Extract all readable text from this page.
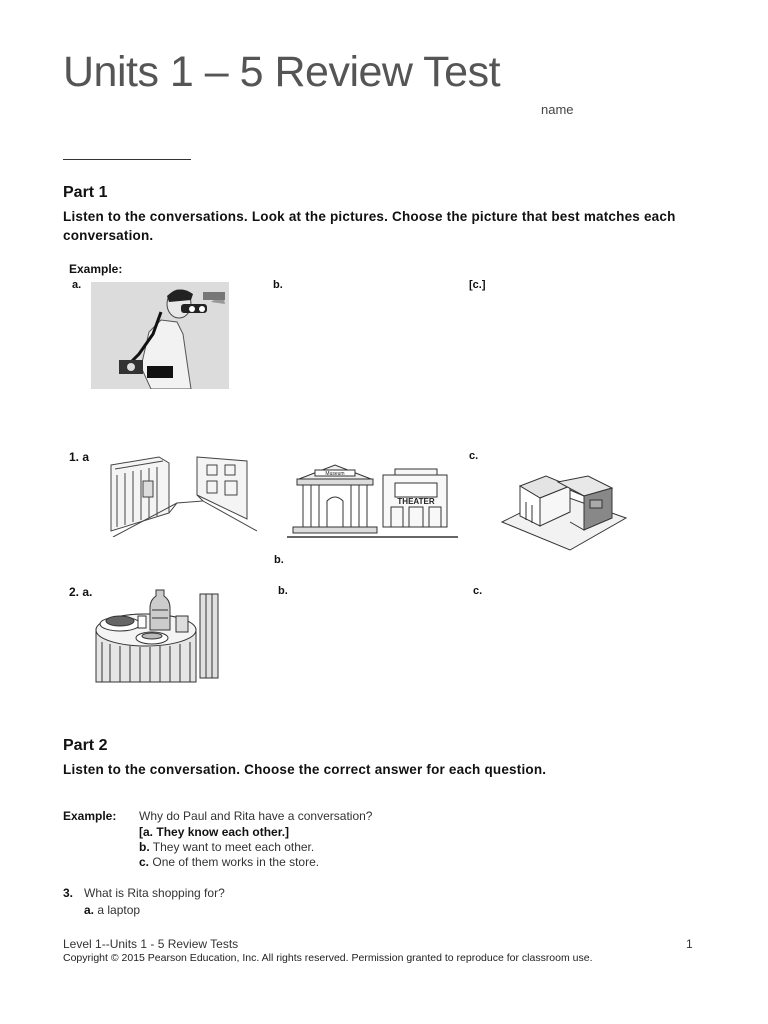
Units 1 – 5 Review Test
name
Part 1
Listen to the conversations. Look at the pictures. Choose the picture that best matches each conversation.
Example:
a.	b.	[c.]
1. a	c.
b.
Museum
THEATER
2. a.	b.	c.
Part 2
Listen to the conversation. Choose the correct answer for each question.
Example: Why do Paul and Rita have a conversation?
[a. They know each other.]
b. They want to meet each other.
c. One of them works in the store.
3. What is Rita shopping for?
a. a laptop
Level 1--Units 1 - 5 Review Tests	1
Copyright © 2015 Pearson Education, Inc. All rights reserved. Permission granted to reproduce for classroom use.
